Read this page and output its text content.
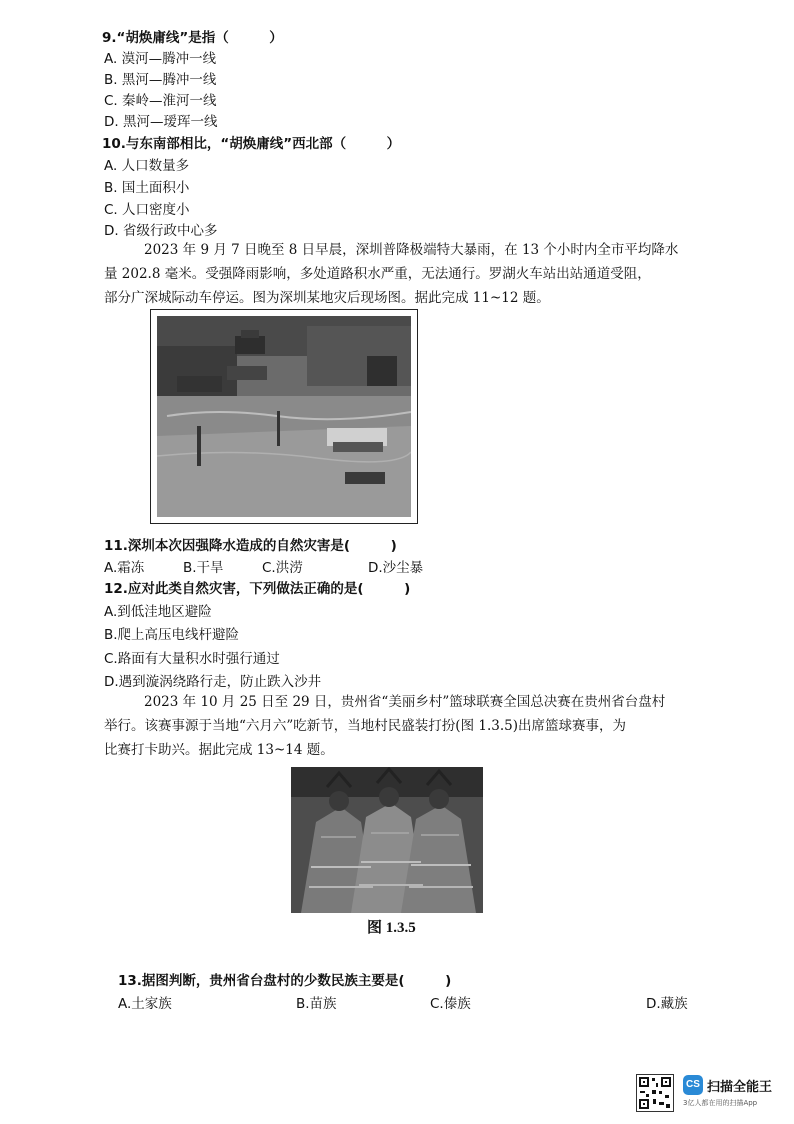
9.“胡焕庸线”是指（　　　）
A. 漠河—腾冲一线
B. 黑河—腾冲一线
C. 秦岭—淮河一线
D. 黑河—瑷珲一线
10.与东南部相比，“胡焕庸线”西北部（　　　）
A. 人口数量多
B. 国土面积小
C. 人口密度小
D. 省级行政中心多
2023 年 9 月 7 日晚至 8 日早晨，深圳普降极端特大暴雨，在 13 个小时内全市平均降水
量 202.8 毫米。受强降雨影响，多处道路积水严重，无法通行。罗湖火车站出站通道受阻，
部分广深城际动车停运。图为深圳某地灾后现场图。据此完成 11~12 题。
11.深圳本次因强降水造成的自然灾害是(　　　)
A.霜冻	B.干旱	C.洪涝	D.沙尘暴
12.应对此类自然灾害，下列做法正确的是(　　　)
A.到低洼地区避险
B.爬上高压电线杆避险
C.路面有大量积水时强行通过
D.遇到漩涡绕路行走，防止跌入沙井
2023 年 10 月 25 日至 29 日，贵州省“美丽乡村”篮球联赛全国总决赛在贵州省台盘村
举行。该赛事源于当地“六月六”吃新节，当地村民盛装打扮(图 1.3.5)出席篮球赛事，为
比赛打卡助兴。据此完成 13~14 题。
图 1.3.5
13.据图判断，贵州省台盘村的少数民族主要是(　　　)
A.土家族	B.苗族	C.傣族	D.藏族
CS 扫描全能王
3亿人都在用的扫描App
